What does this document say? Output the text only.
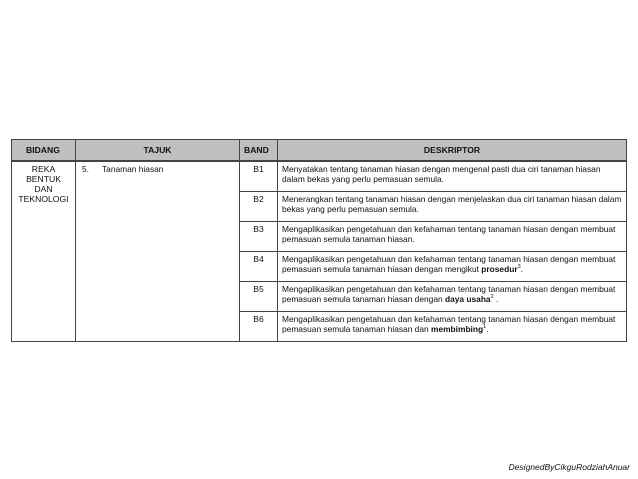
BIDANG	TAJUK	BAND	DESKRIPTOR

REKA
BENTUK
DAN
TEKNOLOGI	5. Tanaman hiasan	B1	Menyatakan tentang tanaman hiasan dengan mengenal pasti dua ciri tanaman hiasan dalam bekas yang perlu pemasuan semula.
		B2	Menerangkan tentang tanaman hiasan dengan menjelaskan dua ciri tanaman hiasan dalam bekas yang perlu pemasuan semula.
		B3	Mengaplikasikan pengetahuan dan kefahaman tentang tanaman hiasan dengan membuat pemasuan semula tanaman hiasan.
		B4	Mengaplikasikan pengetahuan dan kefahaman tentang tanaman hiasan dengan membuat pemasuan semula tanaman hiasan dengan mengikut prosedur$^3$.
		B5	Mengaplikasikan pengetahuan dan kefahaman tentang tanaman hiasan dengan membuat pemasuan semula tanaman hiasan dengan daya usaha$^2$ .
		B6	Mengaplikasikan pengetahuan dan kefahaman tentang tanaman hiasan dengan membuat pemasuan semula tanaman hiasan dan membimbing$^1$.
DesignedByCikguRodziahAnuar
